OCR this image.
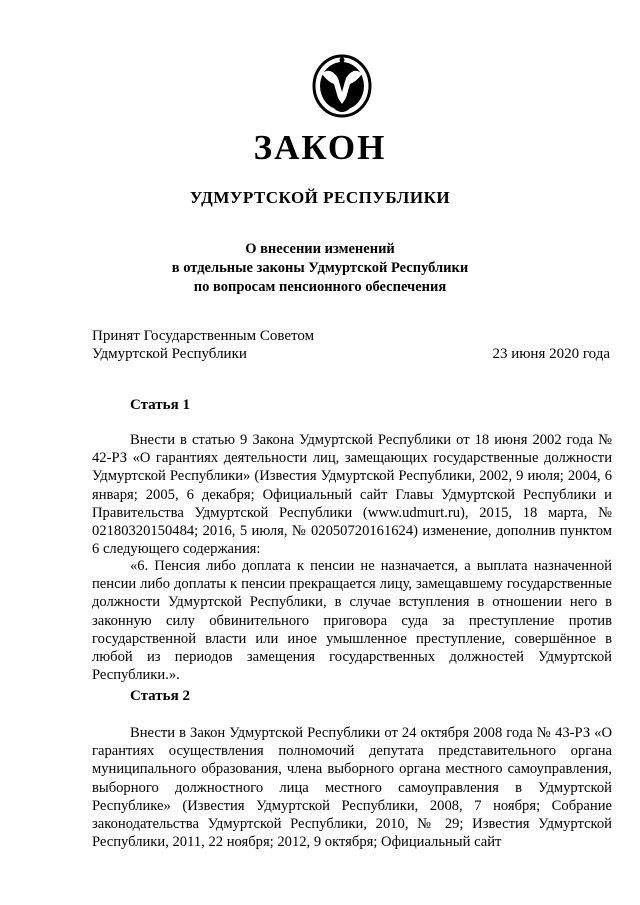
ЗАКОН
УДМУРТСКОЙ РЕСПУБЛИКИ
О внесении изменений
в отдельные законы Удмуртской Республики
по вопросам пенсионного обеспечения
Принят Государственным Советом
Удмуртской Республики	23 июня 2020 года
Статья 1
Внести в статью 9 Закона Удмуртской Республики от 18 июня 2002 года № 42-РЗ «О гарантиях деятельности лиц, замещающих государственные должности Удмуртской Республики» (Известия Удмуртской Республики, 2002, 9 июля; 2004, 6 января; 2005, 6 декабря; Официальный сайт Главы Удмуртской Республики и Правительства Удмуртской Республики (www.udmurt.ru), 2015, 18 марта, № 02180320150484; 2016, 5 июля, № 02050720161624) изменение, дополнив пунктом 6 следующего содержания:
«6. Пенсия либо доплата к пенсии не назначается, а выплата назначенной пенсии либо доплаты к пенсии прекращается лицу, замещавшему государственные должности Удмуртской Республики, в случае вступления в отношении него в законную силу обвинительного приговора суда за преступление против государственной власти или иное умышленное преступление, совершённое в любой из периодов замещения государственных должностей Удмуртской Республики.».
Статья 2
Внести в Закон Удмуртской Республики от 24 октября 2008 года № 43-РЗ «О гарантиях осуществления полномочий депутата представительного органа муниципального образования, члена выборного органа местного самоуправления, выборного должностного лица местного самоуправления в Удмуртской Республике» (Известия Удмуртской Республики, 2008, 7 ноября; Собрание законодательства Удмуртской Республики, 2010, № 29; Известия Удмуртской Республики, 2011, 22 ноября; 2012, 9 октября; Официальный сайт
